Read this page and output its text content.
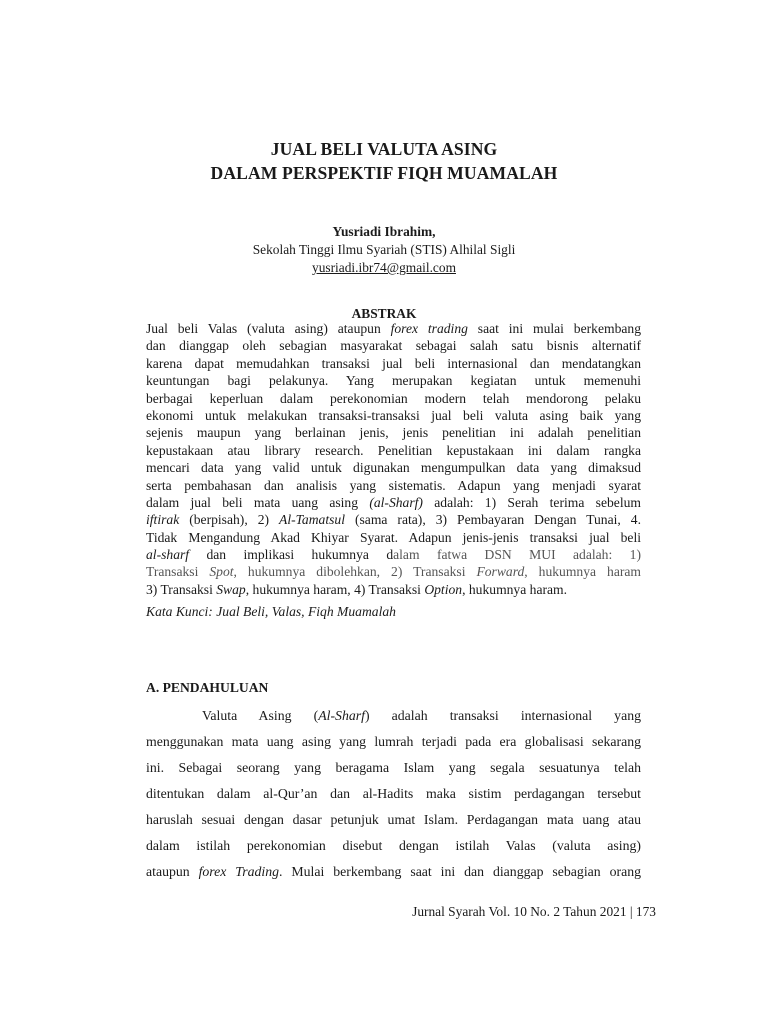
JUAL BELI VALUTA ASING
DALAM PERSPEKTIF FIQH MUAMALAH
Yusriadi Ibrahim,
Sekolah Tinggi Ilmu Syariah (STIS) Alhilal Sigli
yusriadi.ibr74@gmail.com
ABSTRAK
Jual beli Valas (valuta asing) ataupun forex trading saat ini mulai berkembang
dan dianggap oleh sebagian masyarakat sebagai salah satu bisnis alternatif
karena dapat memudahkan transaksi jual beli internasional dan mendatangkan
keuntungan bagi pelakunya. Yang merupakan kegiatan untuk memenuhi
berbagai keperluan dalam perekonomian modern telah mendorong pelaku
ekonomi untuk melakukan transaksi-transaksi jual beli valuta asing baik yang
sejenis maupun yang berlainan jenis, jenis penelitian ini adalah penelitian
kepustakaan atau library research. Penelitian kepustakaan ini dalam rangka
mencari data yang valid untuk digunakan mengumpulkan data yang dimaksud
serta pembahasan dan analisis yang sistematis. Adapun yang menjadi syarat
dalam jual beli mata uang asing (al-Sharf) adalah: 1) Serah terima sebelum
iftirak (berpisah), 2) Al-Tamatsul (sama rata), 3) Pembayaran Dengan Tunai, 4.
Tidak Mengandung Akad Khiyar Syarat. Adapun jenis-jenis transaksi jual beli
al-sharf dan implikasi hukumnya dalam fatwa DSN MUI adalah: 1)
Transaksi Spot, hukumnya dibolehkan, 2) Transaksi Forward, hukumnya haram
3) Transaksi Swap, hukumnya haram, 4) Transaksi Option, hukumnya haram.
Kata Kunci: Jual Beli, Valas, Fiqh Muamalah
A. PENDAHULUAN
Valuta Asing (Al-Sharf) adalah transaksi internasional yang
menggunakan mata uang asing yang lumrah terjadi pada era globalisasi sekarang
ini. Sebagai seorang yang beragama Islam yang segala sesuatunya telah
ditentukan dalam al-Qur’an dan al-Hadits maka sistim perdagangan tersebut
haruslah sesuai dengan dasar petunjuk umat Islam. Perdagangan mata uang atau
dalam istilah perekonomian disebut dengan istilah Valas (valuta asing)
ataupun forex Trading. Mulai berkembang saat ini dan dianggap sebagian orang
Jurnal Syarah Vol. 10 No. 2 Tahun 2021 | 173
